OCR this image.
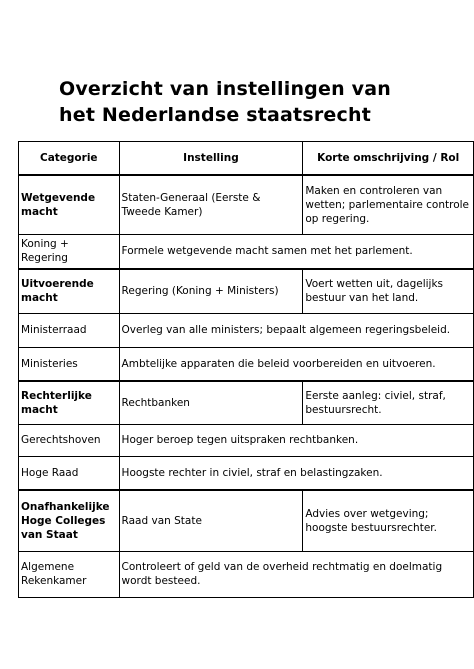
Overzicht van instellingen van
het Nederlandse staatsrecht
Categorie	Instelling	Korte omschrijving / Rol
Wetgevende macht	Staten-Generaal (Eerste & Tweede Kamer)	Maken en controleren van wetten; parlementaire controle op regering.
Koning + Regering	Formele wetgevende macht samen met het parlement.	
Uitvoerende macht	Regering (Koning + Ministers)	Voert wetten uit, dagelijks bestuur van het land.
Ministerraad	Overleg van alle ministers; bepaalt algemeen regeringsbeleid.	
Ministeries	Ambtelijke apparaten die beleid voorbereiden en uitvoeren.	
Rechterlijke macht	Rechtbanken	Eerste aanleg: civiel, straf, bestuursrecht.
Gerechtshoven	Hoger beroep tegen uitspraken rechtbanken.	
Hoge Raad	Hoogste rechter in civiel, straf en belastingzaken.	
Onafhankelijke Hoge Colleges van Staat	Raad van State	Advies over wetgeving; hoogste bestuursrechter.
Algemene Rekenkamer	Controleert of geld van de overheid rechtmatig en doelmatig wordt besteed.	
